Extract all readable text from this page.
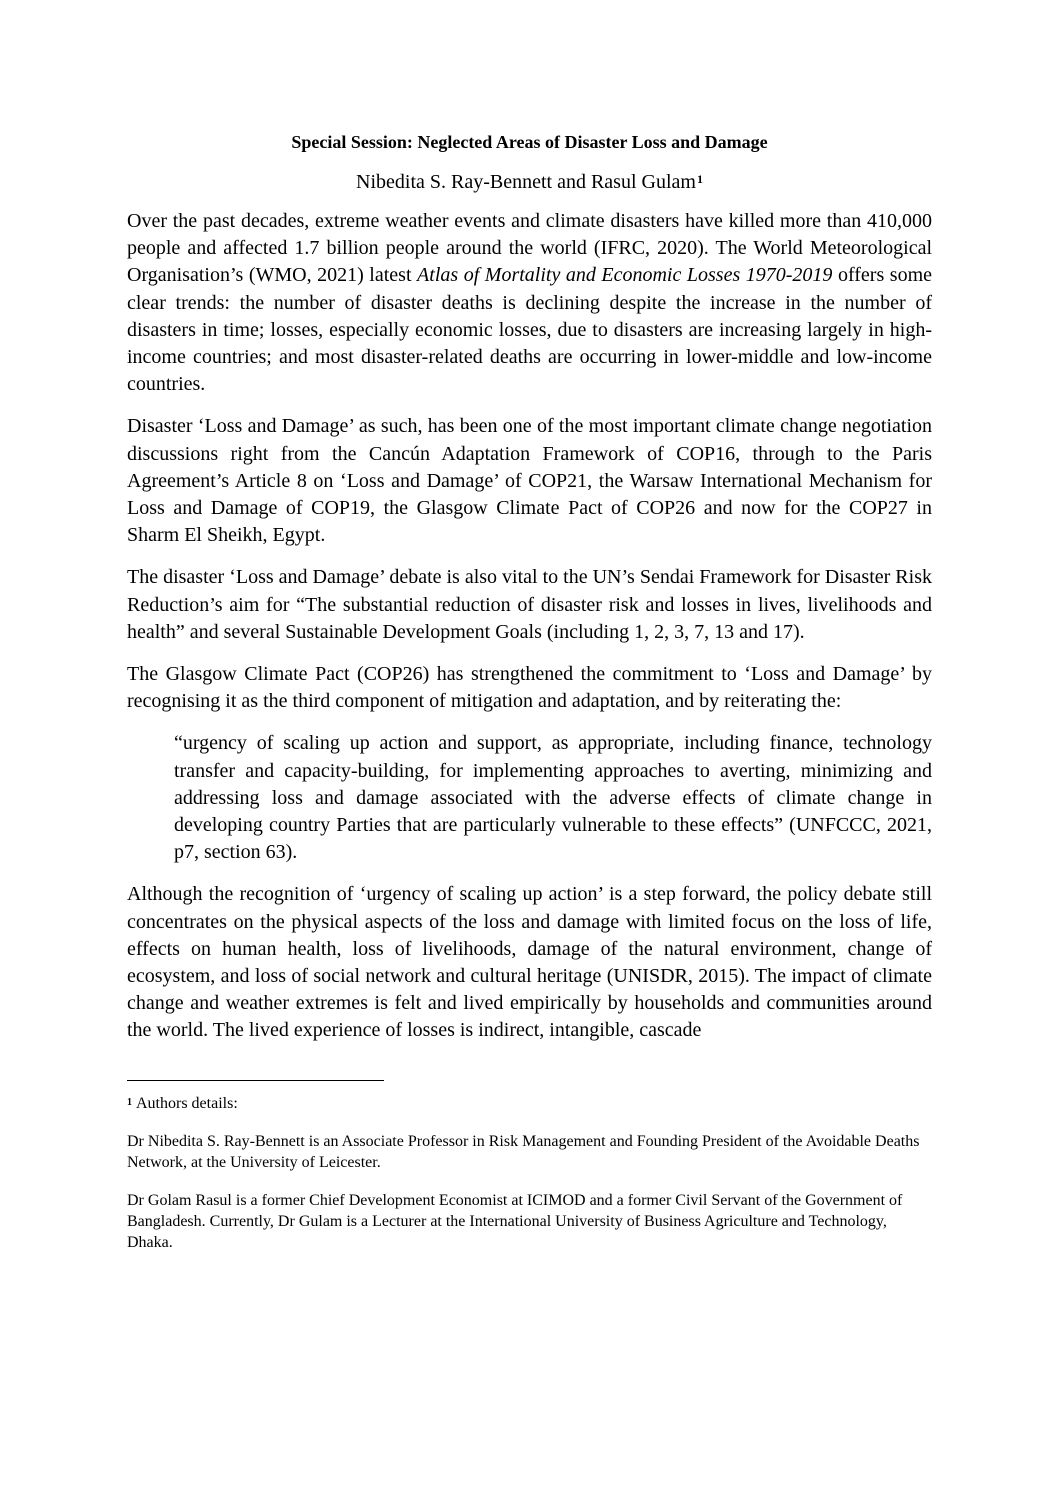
Special Session: Neglected Areas of Disaster Loss and Damage

Nibedita S. Ray-Bennett and Rasul Gulam$^1$

Over the past decades, extreme weather events and climate disasters have killed more than 410,000 people and affected 1.7 billion people around the world (IFRC, 2020). The World Meteorological Organisation’s (WMO, 2021) latest Atlas of Mortality and Economic Losses 1970-2019 offers some clear trends: the number of disaster deaths is declining despite the increase in the number of disasters in time; losses, especially economic losses, due to disasters are increasing largely in high-income countries; and most disaster-related deaths are occurring in lower-middle and low-income countries.

Disaster ‘Loss and Damage’ as such, has been one of the most important climate change negotiation discussions right from the Cancún Adaptation Framework of COP16, through to the Paris Agreement’s Article 8 on ‘Loss and Damage’ of COP21, the Warsaw International Mechanism for Loss and Damage of COP19, the Glasgow Climate Pact of COP26 and now for the COP27 in Sharm El Sheikh, Egypt.

The disaster ‘Loss and Damage’ debate is also vital to the UN’s Sendai Framework for Disaster Risk Reduction’s aim for “The substantial reduction of disaster risk and losses in lives, livelihoods and health” and several Sustainable Development Goals (including 1, 2, 3, 7, 13 and 17).

The Glasgow Climate Pact (COP26) has strengthened the commitment to ‘Loss and Damage’ by recognising it as the third component of mitigation and adaptation, and by reiterating the:

“urgency of scaling up action and support, as appropriate, including finance, technology transfer and capacity-building, for implementing approaches to averting, minimizing and addressing loss and damage associated with the adverse effects of climate change in developing country Parties that are particularly vulnerable to these effects” (UNFCCC, 2021, p7, section 63).

Although the recognition of ‘urgency of scaling up action’ is a step forward, the policy debate still concentrates on the physical aspects of the loss and damage with limited focus on the loss of life, effects on human health, loss of livelihoods, damage of the natural environment, change of ecosystem, and loss of social network and cultural heritage (UNISDR, 2015). The impact of climate change and weather extremes is felt and lived empirically by households and communities around the world. The lived experience of losses is indirect, intangible, cascade

$^1$ Authors details:

Dr Nibedita S. Ray-Bennett is an Associate Professor in Risk Management and Founding President of the Avoidable Deaths Network, at the University of Leicester.

Dr Golam Rasul is a former Chief Development Economist at ICIMOD and a former Civil Servant of the Government of Bangladesh. Currently, Dr Gulam is a Lecturer at the International University of Business Agriculture and Technology, Dhaka.
